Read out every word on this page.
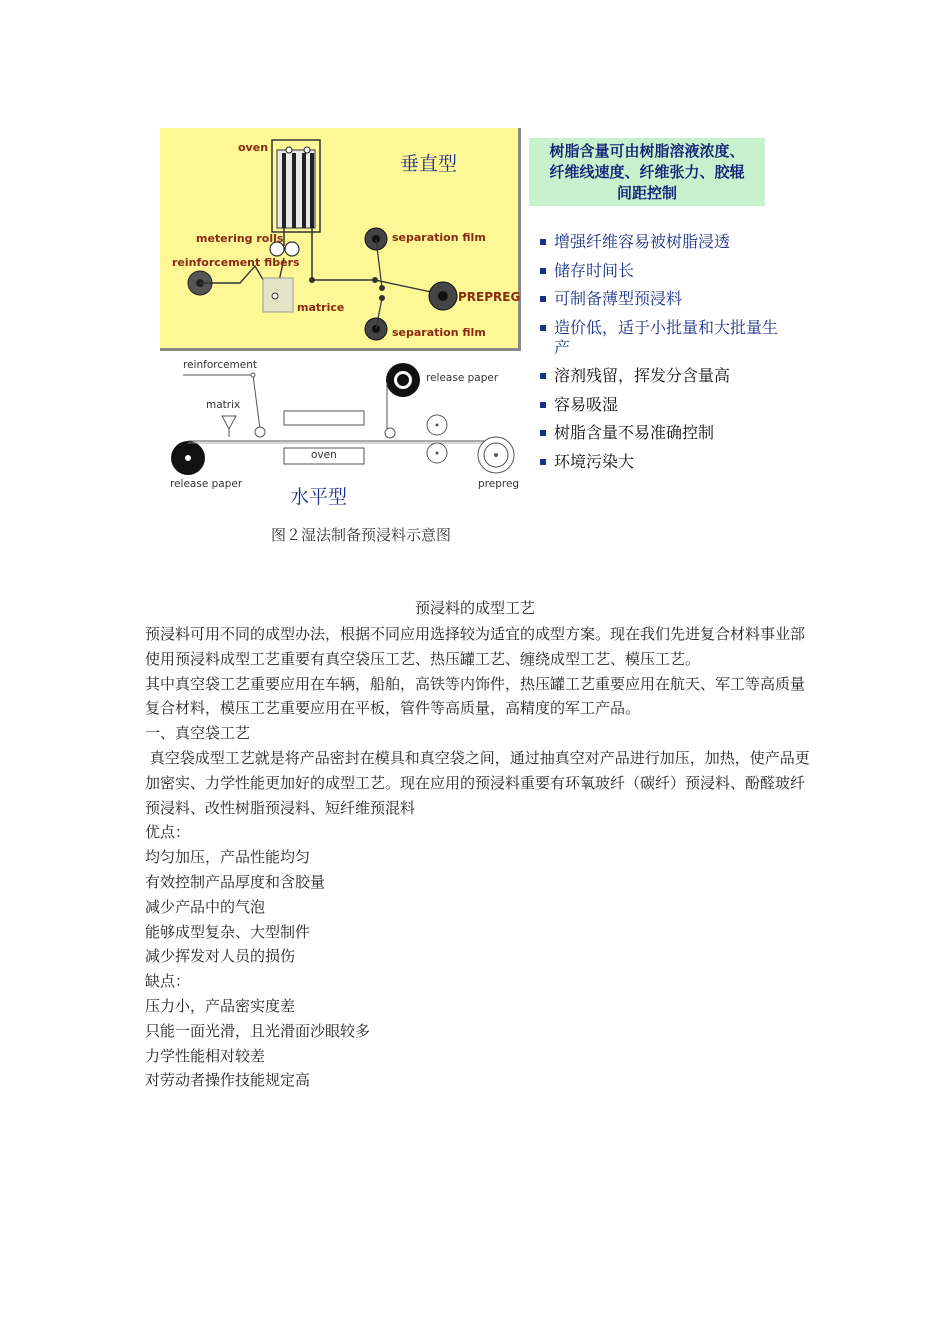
oven
metering rolls
reinforcement fibers
matrice
separation film
separation film
PREPREG
垂直型
reinforcement
matrix
oven
release paper
release paper	prepreg
水平型
树脂含量可由树脂溶液浓度、纤维线速度、纤维张力、胶辊间距控制
增强纤维容易被树脂浸透
储存时间长
可制备薄型预浸料
造价低，适于小批量和大批量生产
溶剂残留，挥发分含量高
容易吸湿
树脂含量不易准确控制
环境污染大
图２湿法制备预浸料示意图
预浸料的成型工艺

预浸料可用不同的成型办法，根据不同应用选择较为适宜的成型方案。现在我们先进复合材料事业部使用预浸料成型工艺重要有真空袋压工艺、热压罐工艺、缠绕成型工艺、模压工艺。

其中真空袋工艺重要应用在车辆，船舶，高铁等内饰件，热压罐工艺重要应用在航天、军工等高质量复合材料，模压工艺重要应用在平板，管件等高质量，高精度的军工产品。

一、真空袋工艺

真空袋成型工艺就是将产品密封在模具和真空袋之间，通过抽真空对产品进行加压，加热，使产品更加密实、力学性能更加好的成型工艺。现在应用的预浸料重要有环氧玻纤（碳纤）预浸料、酚醛玻纤预浸料、改性树脂预浸料、短纤维预混料

优点：

均匀加压，产品性能均匀

有效控制产品厚度和含胶量

减少产品中的气泡

能够成型复杂、大型制件

减少挥发对人员的损伤

缺点：

压力小，产品密实度差

只能一面光滑，且光滑面沙眼较多

力学性能相对较差

对劳动者操作技能规定高
